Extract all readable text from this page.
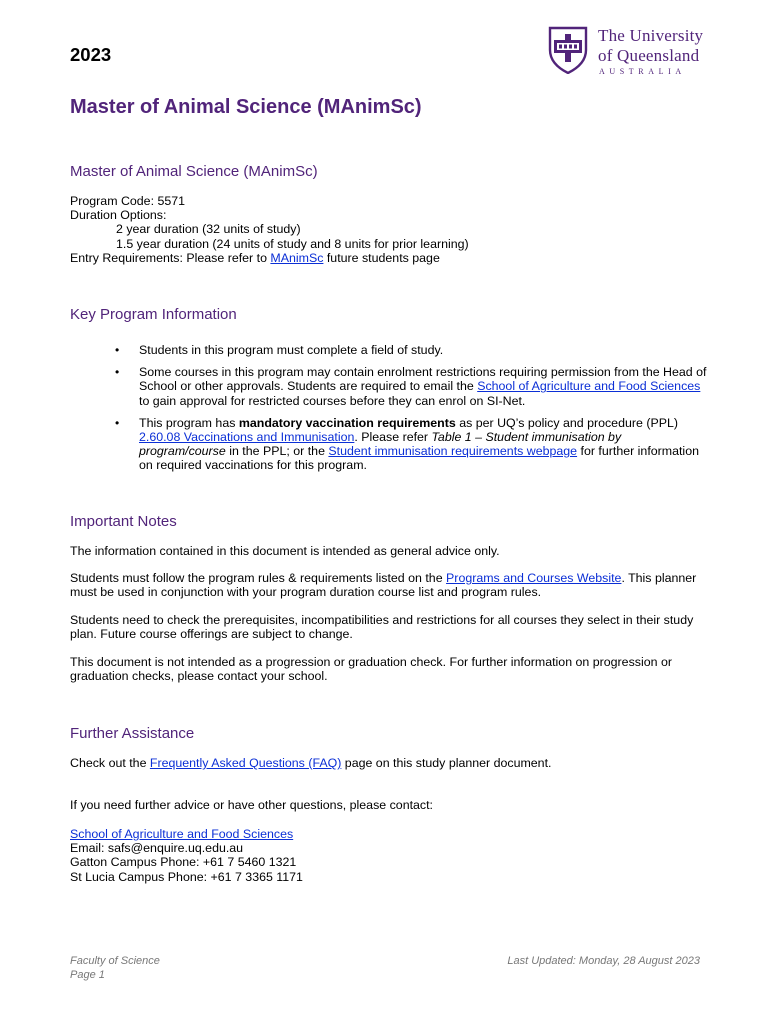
2023
The University
of Queensland
AUSTRALIA
Master of Animal Science (MAnimSc)
Master of Animal Science (MAnimSc)
Program Code: 5571
Duration Options:
2 year duration (32 units of study)
1.5 year duration (24 units of study and 8 units for prior learning)
Entry Requirements: Please refer to MAnimSc future students page
Key Program Information
• Students in this program must complete a field of study.
• Some courses in this program may contain enrolment restrictions requiring permission from the Head of School or other approvals. Students are required to email the School of Agriculture and Food Sciences to gain approval for restricted courses before they can enrol on SI-Net.
• This program has mandatory vaccination requirements as per UQ’s policy and procedure (PPL) 2.60.08 Vaccinations and Immunisation. Please refer Table 1 – Student immunisation by program/course in the PPL; or the Student immunisation requirements webpage for further information on required vaccinations for this program.
Important Notes
The information contained in this document is intended as general advice only.
Students must follow the program rules & requirements listed on the Programs and Courses Website. This planner must be used in conjunction with your program duration course list and program rules.
Students need to check the prerequisites, incompatibilities and restrictions for all courses they select in their study plan. Future course offerings are subject to change.
This document is not intended as a progression or graduation check. For further information on progression or graduation checks, please contact your school.
Further Assistance
Check out the Frequently Asked Questions (FAQ) page on this study planner document.
If you need further advice or have other questions, please contact:
School of Agriculture and Food Sciences
Email: safs@enquire.uq.edu.au
Gatton Campus Phone: +61 7 5460 1321
St Lucia Campus Phone: +61 7 3365 1171
Faculty of Science
Page 1
Last Updated: Monday, 28 August 2023
